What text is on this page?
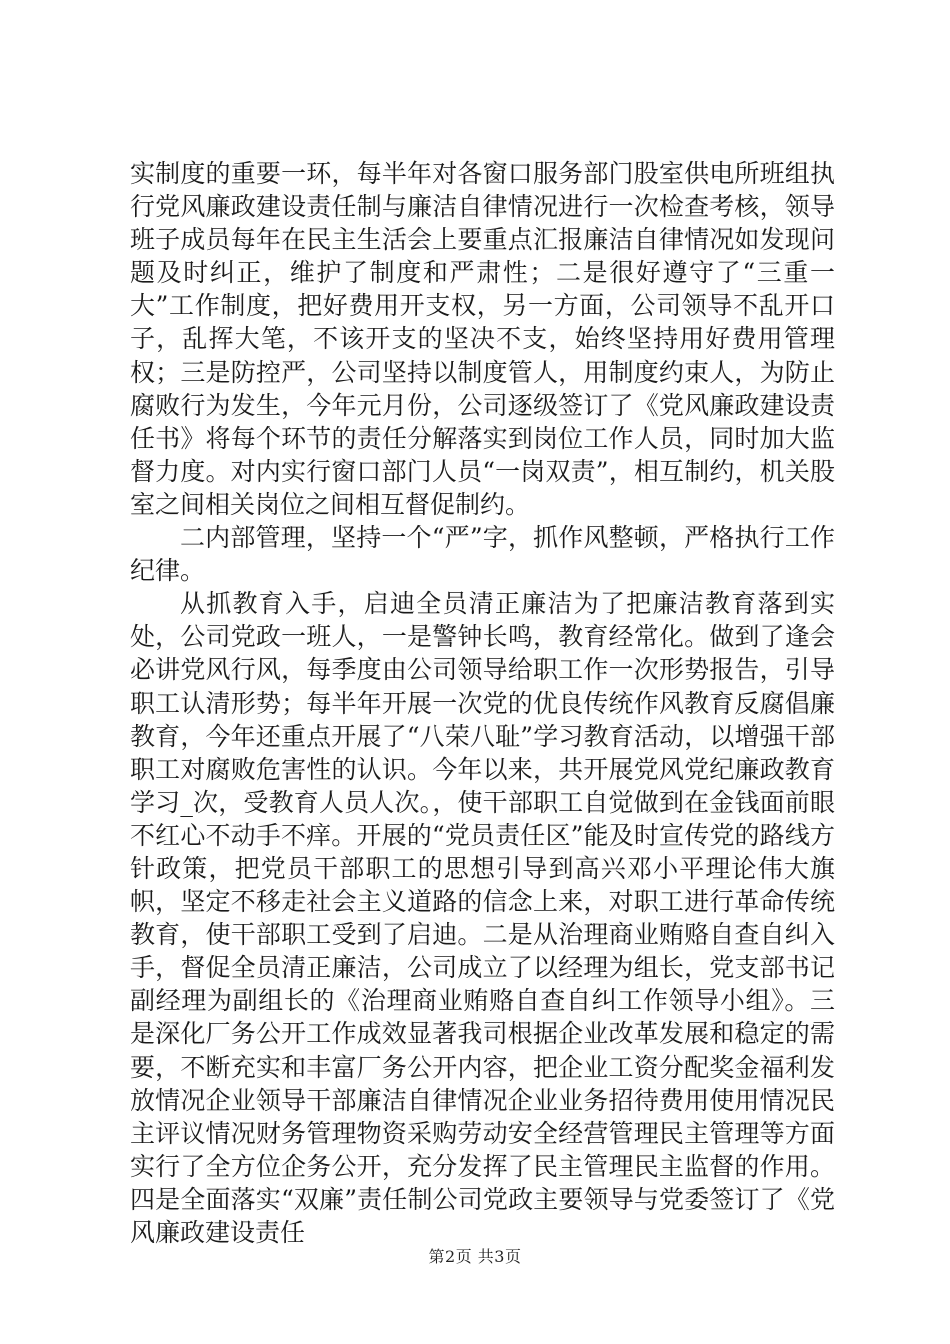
实制度的重要一环，每半年对各窗口服务部门股室供电所班组执行党风廉政建设责任制与廉洁自律情况进行一次检查考核，领导班子成员每年在民主生活会上要重点汇报廉洁自律情况如发现问题及时纠正，维护了制度和严肃性；二是很好遵守了“三重一大”工作制度，把好费用开支权，另一方面，公司领导不乱开口子，乱挥大笔，不该开支的坚决不支，始终坚持用好费用管理权；三是防控严，公司坚持以制度管人，用制度约束人，为防止腐败行为发生，今年元月份，公司逐级签订了《党风廉政建设责任书》将每个环节的责任分解落实到岗位工作人员，同时加大监督力度。对内实行窗口部门人员“一岗双责”，相互制约，机关股室之间相关岗位之间相互督促制约。

二内部管理，坚持一个“严”字，抓作风整顿，严格执行工作纪律。

从抓教育入手，启迪全员清正廉洁为了把廉洁教育落到实处，公司党政一班人，一是警钟长鸣，教育经常化。做到了逢会必讲党风行风，每季度由公司领导给职工作一次形势报告，引导职工认清形势；每半年开展一次党的优良传统作风教育反腐倡廉教育，今年还重点开展了“八荣八耻”学习教育活动，以增强干部职工对腐败危害性的认识。今年以来，共开展党风党纪廉政教育学习_次，受教育人员人次。，使干部职工自觉做到在金钱面前眼不红心不动手不痒。开展的“党员责任区”能及时宣传党的路线方针政策，把党员干部职工的思想引导到高兴邓小平理论伟大旗帜，坚定不移走社会主义道路的信念上来，对职工进行革命传统教育，使干部职工受到了启迪。二是从治理商业贿赂自查自纠入手，督促全员清正廉洁，公司成立了以经理为组长，党支部书记副经理为副组长的《治理商业贿赂自查自纠工作领导小组》。三是深化厂务公开工作成效显著我司根据企业改革发展和稳定的需要，不断充实和丰富厂务公开内容，把企业工资分配奖金福利发放情况企业领导干部廉洁自律情况企业业务招待费用使用情况民主评议情况财务管理物资采购劳动安全经营管理民主管理等方面实行了全方位企务公开，充分发挥了民主管理民主监督的作用。四是全面落实“双廉”责任制公司党政主要领导与党委签订了《党风廉政建设责任

第2页 共3页
